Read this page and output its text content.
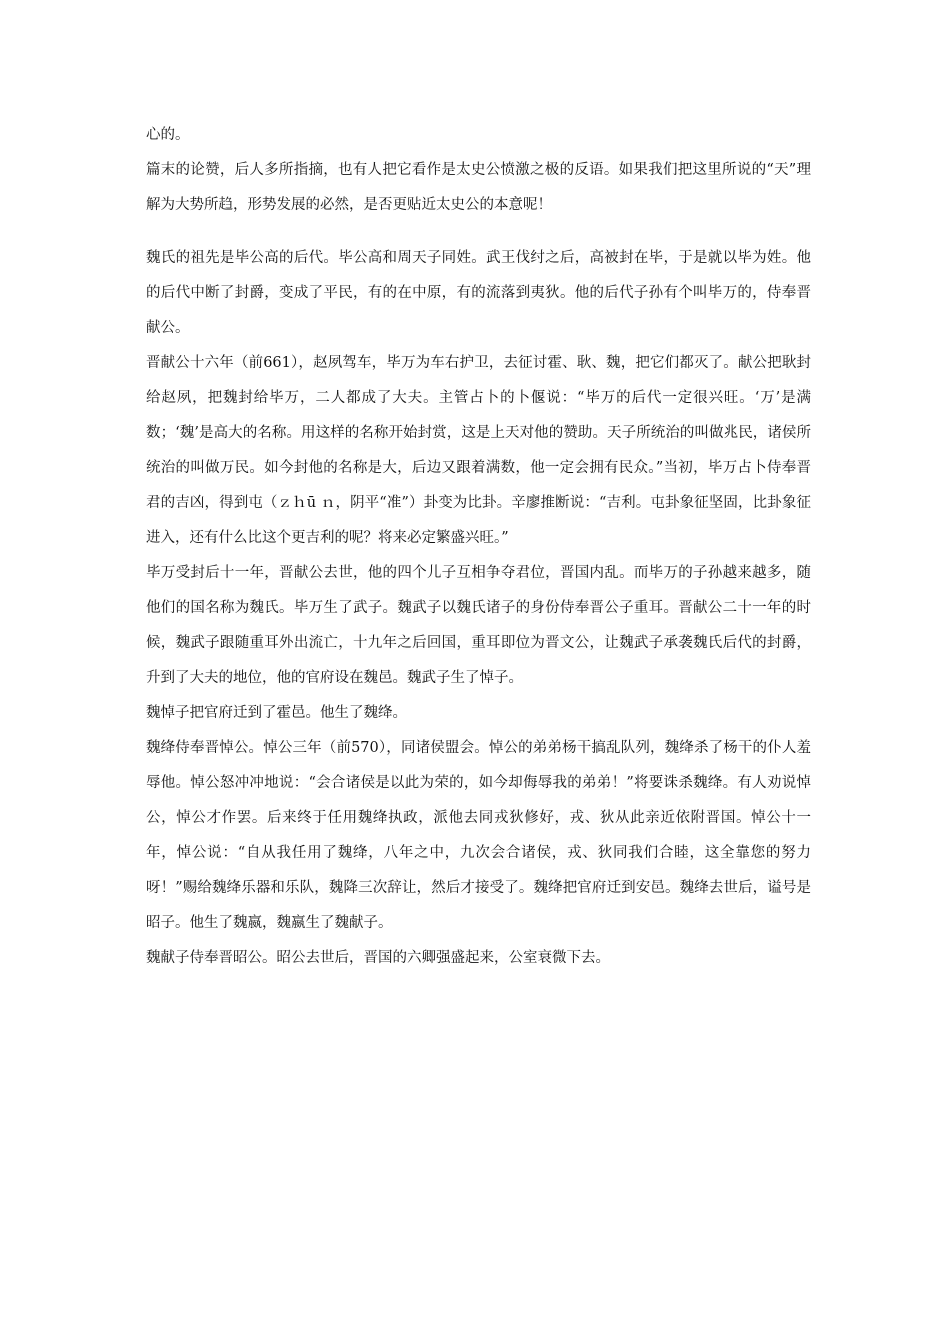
心的。

篇末的论赞，后人多所指摘，也有人把它看作是太史公愤激之极的反语。如果我们把这里所说的“天”理解为大势所趋，形势发展的必然，是否更贴近太史公的本意呢！

魏氏的祖先是毕公高的后代。毕公高和周天子同姓。武王伐纣之后，高被封在毕，于是就以毕为姓。他的后代中断了封爵，变成了平民，有的在中原，有的流落到夷狄。他的后代子孙有个叫毕万的，侍奉晋献公。

晋献公十六年（前661），赵夙驾车，毕万为车右护卫，去征讨霍、耿、魏，把它们都灭了。献公把耿封给赵夙，把魏封给毕万，二人都成了大夫。主管占卜的卜偃说：“毕万的后代一定很兴旺。‘万’是满数；‘魏’是高大的名称。用这样的名称开始封赏，这是上天对他的赞助。天子所统治的叫做兆民，诸侯所统治的叫做万民。如今封他的名称是大，后边又跟着满数，他一定会拥有民众。”当初，毕万占卜侍奉晋君的吉凶，得到屯（ｚｈū ｎ，阴平“准”）卦变为比卦。辛廖推断说：“吉利。屯卦象征坚固，比卦象征进入，还有什么比这个更吉利的呢？将来必定繁盛兴旺。”

毕万受封后十一年，晋献公去世，他的四个儿子互相争夺君位，晋国内乱。而毕万的子孙越来越多，随他们的国名称为魏氏。毕万生了武子。魏武子以魏氏诸子的身份侍奉晋公子重耳。晋献公二十一年的时候，魏武子跟随重耳外出流亡，十九年之后回国，重耳即位为晋文公，让魏武子承袭魏氏后代的封爵，升到了大夫的地位，他的官府设在魏邑。魏武子生了悼子。

魏悼子把官府迁到了霍邑。他生了魏绛。

魏绛侍奉晋悼公。悼公三年（前570），同诸侯盟会。悼公的弟弟杨干搞乱队列，魏绛杀了杨干的仆人羞辱他。悼公怒冲冲地说：“会合诸侯是以此为荣的，如今却侮辱我的弟弟！”将要诛杀魏绛。有人劝说悼公，悼公才作罢。后来终于任用魏绛执政，派他去同戎狄修好，戎、狄从此亲近依附晋国。悼公十一年，悼公说：“自从我任用了魏绛，八年之中，九次会合诸侯，戎、狄同我们合睦，这全靠您的努力呀！”赐给魏绛乐器和乐队，魏降三次辞让，然后才接受了。魏绛把官府迁到安邑。魏绛去世后，谥号是昭子。他生了魏嬴，魏嬴生了魏献子。

魏献子侍奉晋昭公。昭公去世后，晋国的六卿强盛起来，公室衰微下去。
